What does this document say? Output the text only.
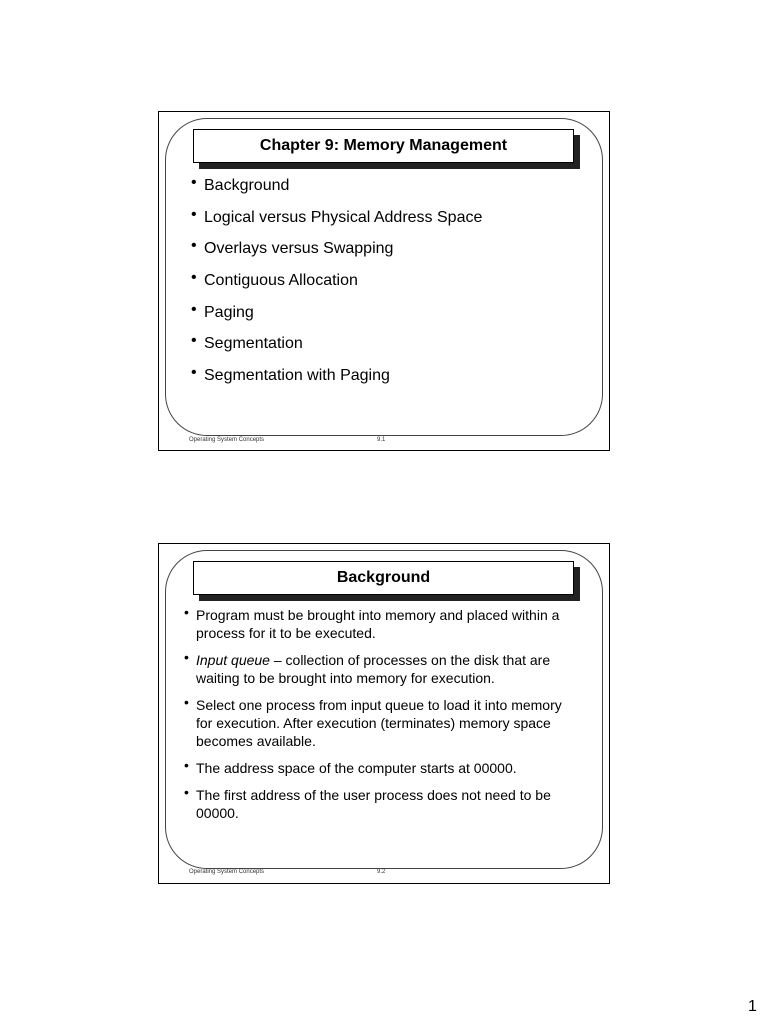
Chapter 9: Memory Management
• Background
• Logical versus Physical Address Space
• Overlays versus Swapping
• Contiguous Allocation
• Paging
• Segmentation
• Segmentation with Paging
Operating System Concepts	9.1
Background
• Program must be brought into memory and placed within a process for it to be executed.
• Input queue – collection of processes on the disk that are waiting to be brought into memory for execution.
• Select one process from input queue to load it into memory for execution. After execution (terminates) memory space becomes available.
• The address space of the computer starts at 00000.
• The first address of the user process does not need to be 00000.
Operating System Concepts	9.2
1
